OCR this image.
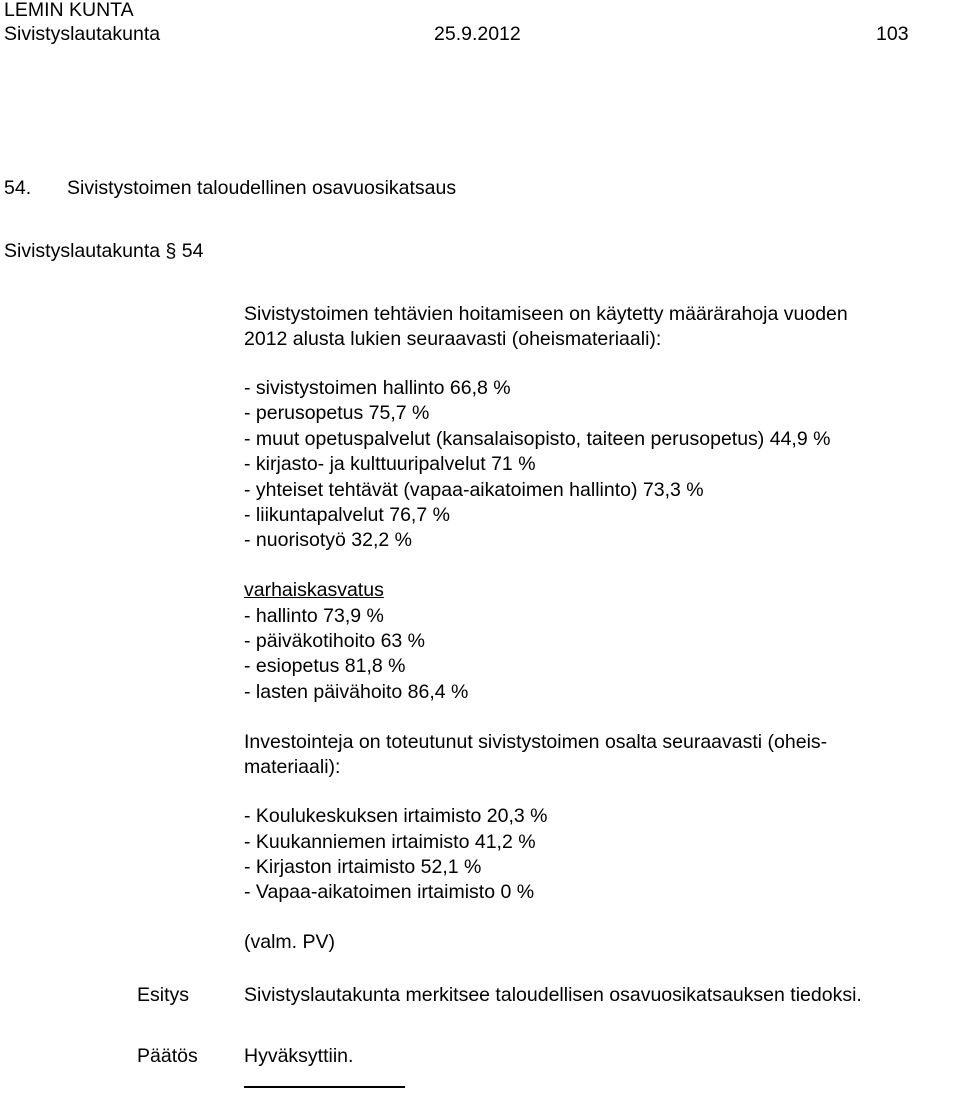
LEMIN KUNTA
Sivistyslautakunta	25.9.2012	103
54. Sivistystoimen taloudellinen osavuosikatsaus
Sivistyslautakunta § 54
Sivistystoimen tehtävien hoitamiseen on käytetty määrärahoja vuoden
2012 alusta lukien seuraavasti (oheismateriaali):
- sivistystoimen hallinto 66,8 %
- perusopetus 75,7 %
- muut opetuspalvelut (kansalaisopisto, taiteen perusopetus) 44,9 %
- kirjasto- ja kulttuuripalvelut 71 %
- yhteiset tehtävät (vapaa-aikatoimen hallinto) 73,3 %
- liikuntapalvelut 76,7 %
- nuorisotyö 32,2 %
varhaiskasvatus
- hallinto 73,9 %
- päiväkotihoito 63 %
- esiopetus 81,8 %
- lasten päivähoito 86,4 %
Investointeja on toteutunut sivistystoimen osalta seuraavasti (oheis-
materiaali):
- Koulukeskuksen irtaimisto 20,3 %
- Kuukanniemen irtaimisto 41,2 %
- Kirjaston irtaimisto 52,1 %
- Vapaa-aikatoimen irtaimisto 0 %
(valm. PV)
Esitys	Sivistyslautakunta merkitsee taloudellisen osavuosikatsauksen tiedoksi.
Päätös Hyväksyttiin.
